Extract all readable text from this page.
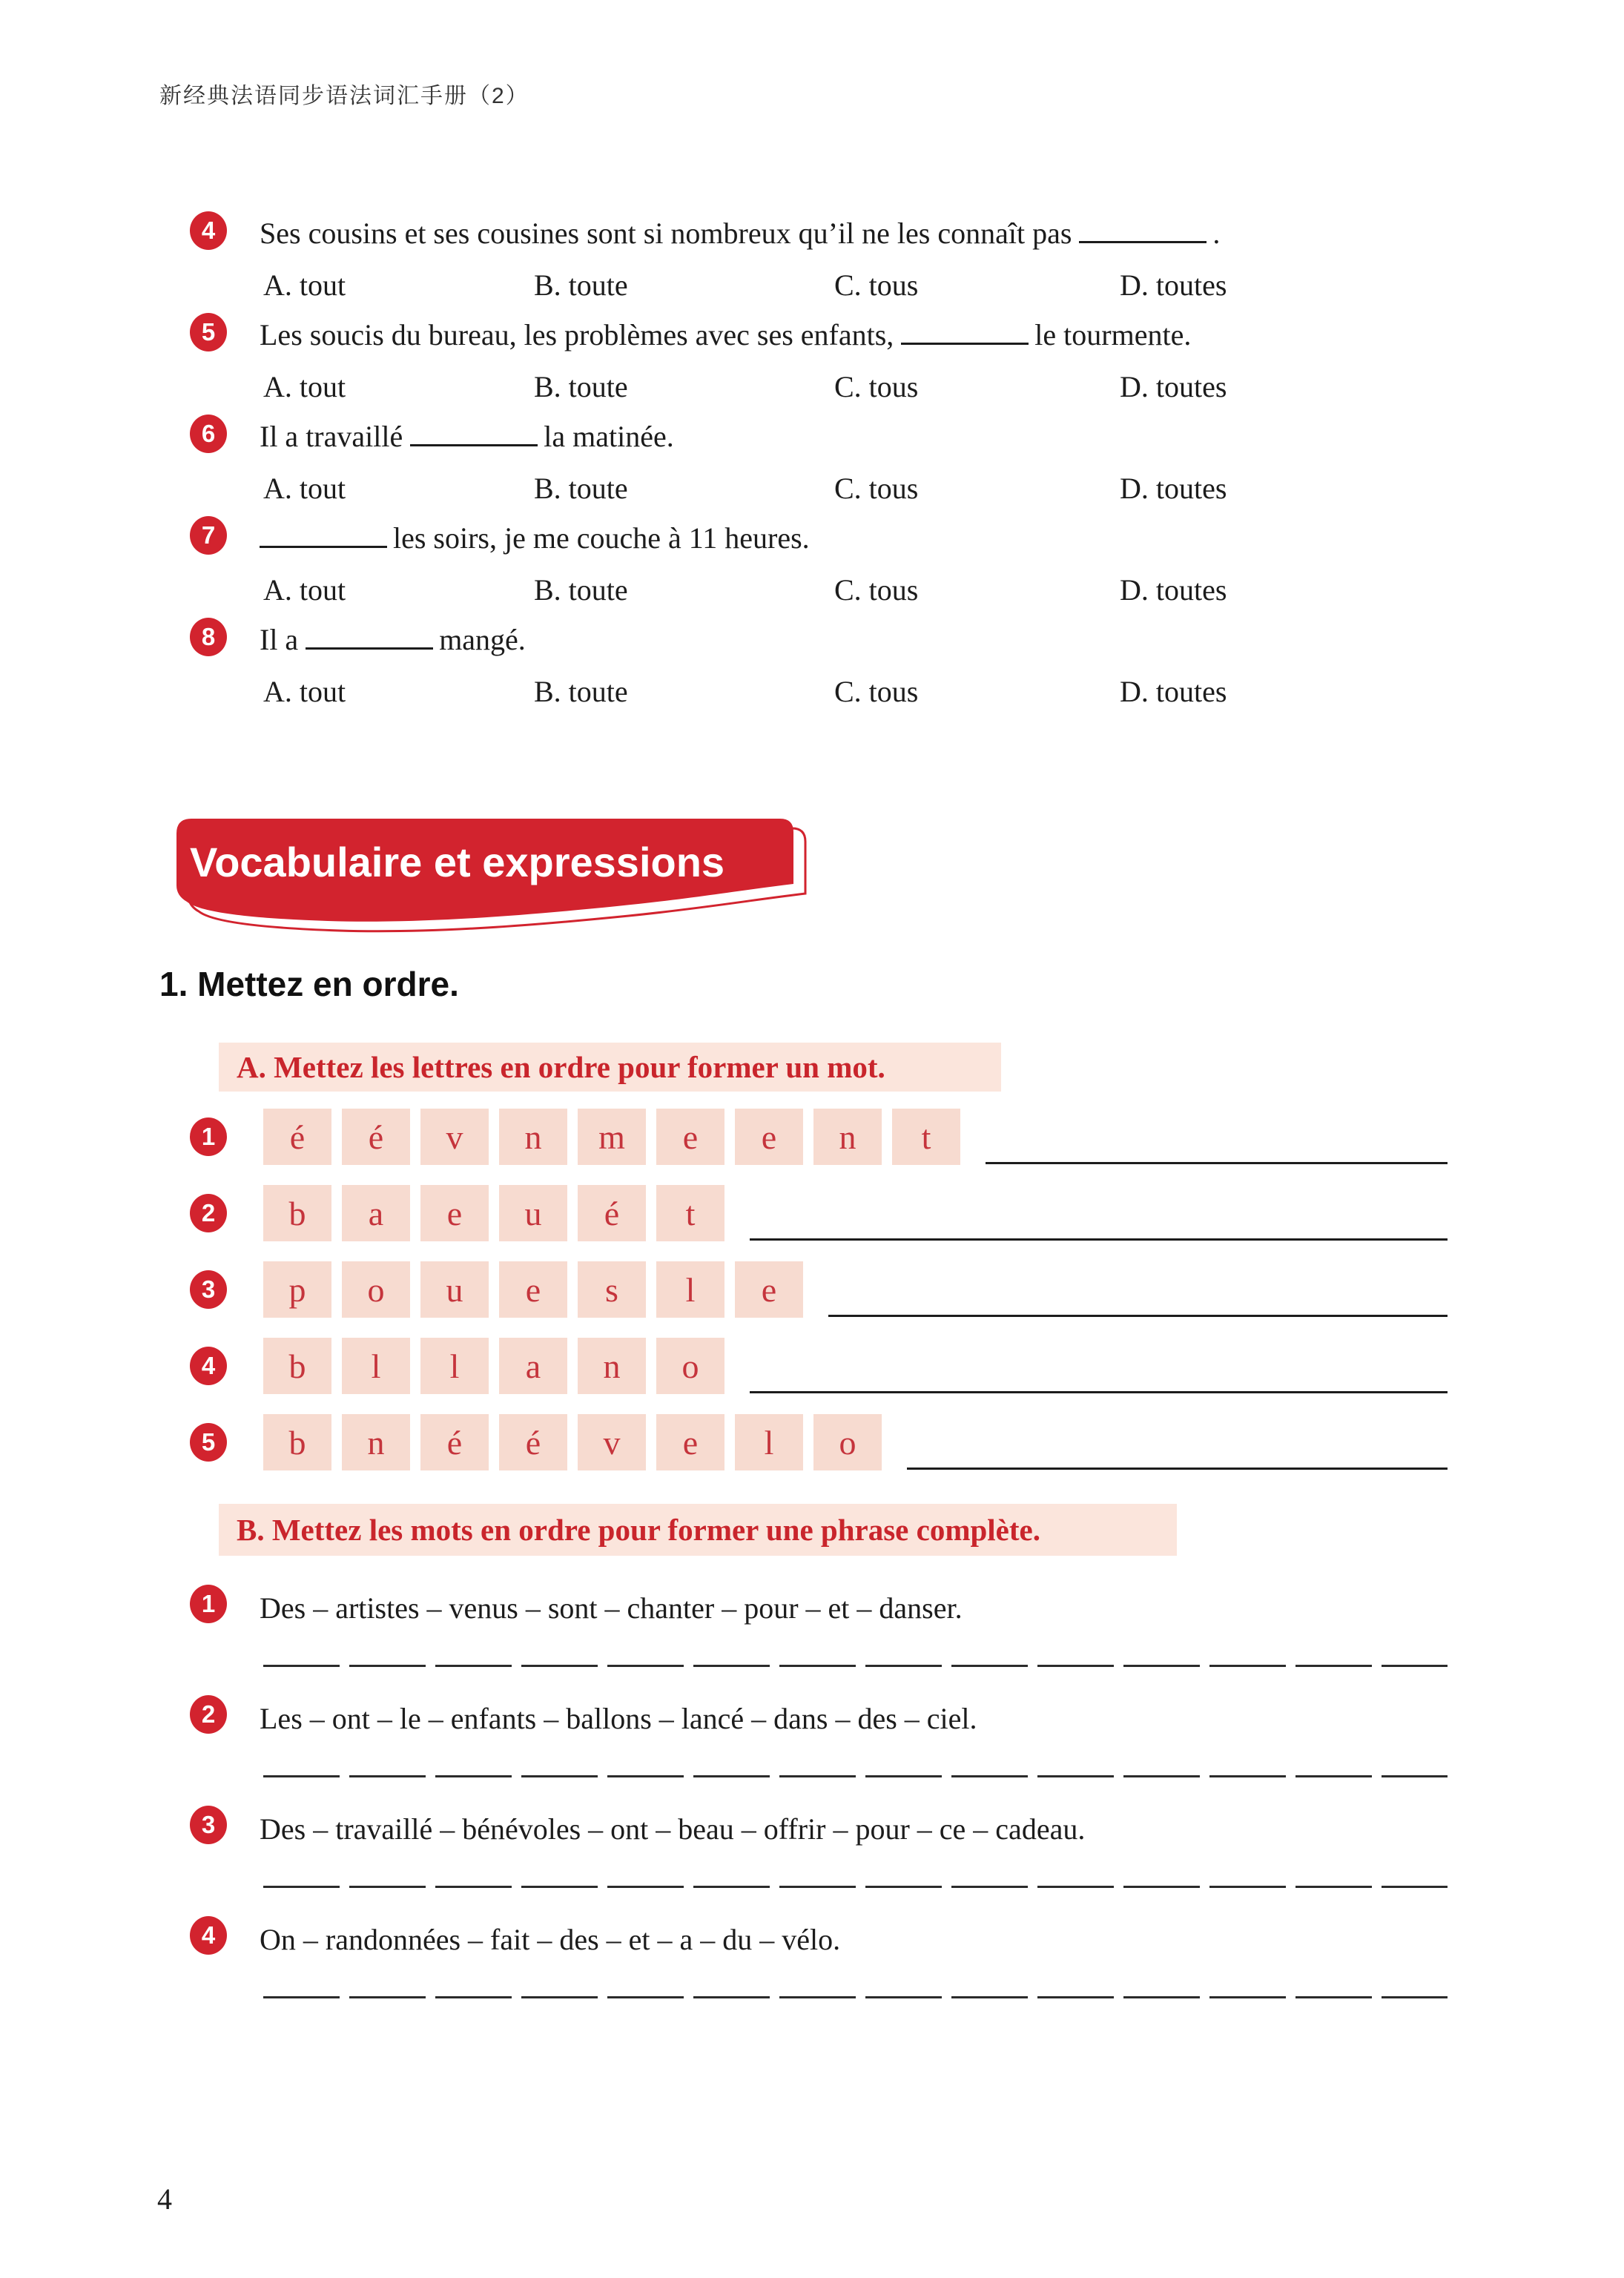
新经典法语同步语法词汇手册（2）
4	Ses cousins et ses cousines sont si nombreux qu’il ne les connaît pas	.
A. tout	B. toute	C. tous	D. toutes
5	Les soucis du bureau, les problèmes avec ses enfants,	le tourmente.
A. tout	B. toute	C. tous	D. toutes
6	Il a travaillé	la matinée.
A. tout	B. toute	C. tous	D. toutes
7	les soirs, je me couche à 11 heures.
A. tout	B. toute	C. tous	D. toutes
8	Il a	mangé.
A. tout	B. toute	C. tous	D. toutes
Vocabulaire et expressions
1. Mettez en ordre.
A. Mettez les lettres en ordre pour former un mot.
1	é	é	v	n	m	e	e	n	t
2	b	a	e	u	é	t
3	p	o	u	e	s	l	e
4	b	l	l	a	n	o
5	b	n	é	é	v	e	l	o
B. Mettez les mots en ordre pour former une phrase complète.
1	Des – artistes – venus – sont – chanter – pour – et – danser.
2	Les – ont – le – enfants – ballons – lancé – dans – des – ciel.
3	Des – travaillé – bénévoles – ont – beau – offrir – pour – ce – cadeau.
4	On – randonnées – fait – des – et – a – du – vélo.
4
